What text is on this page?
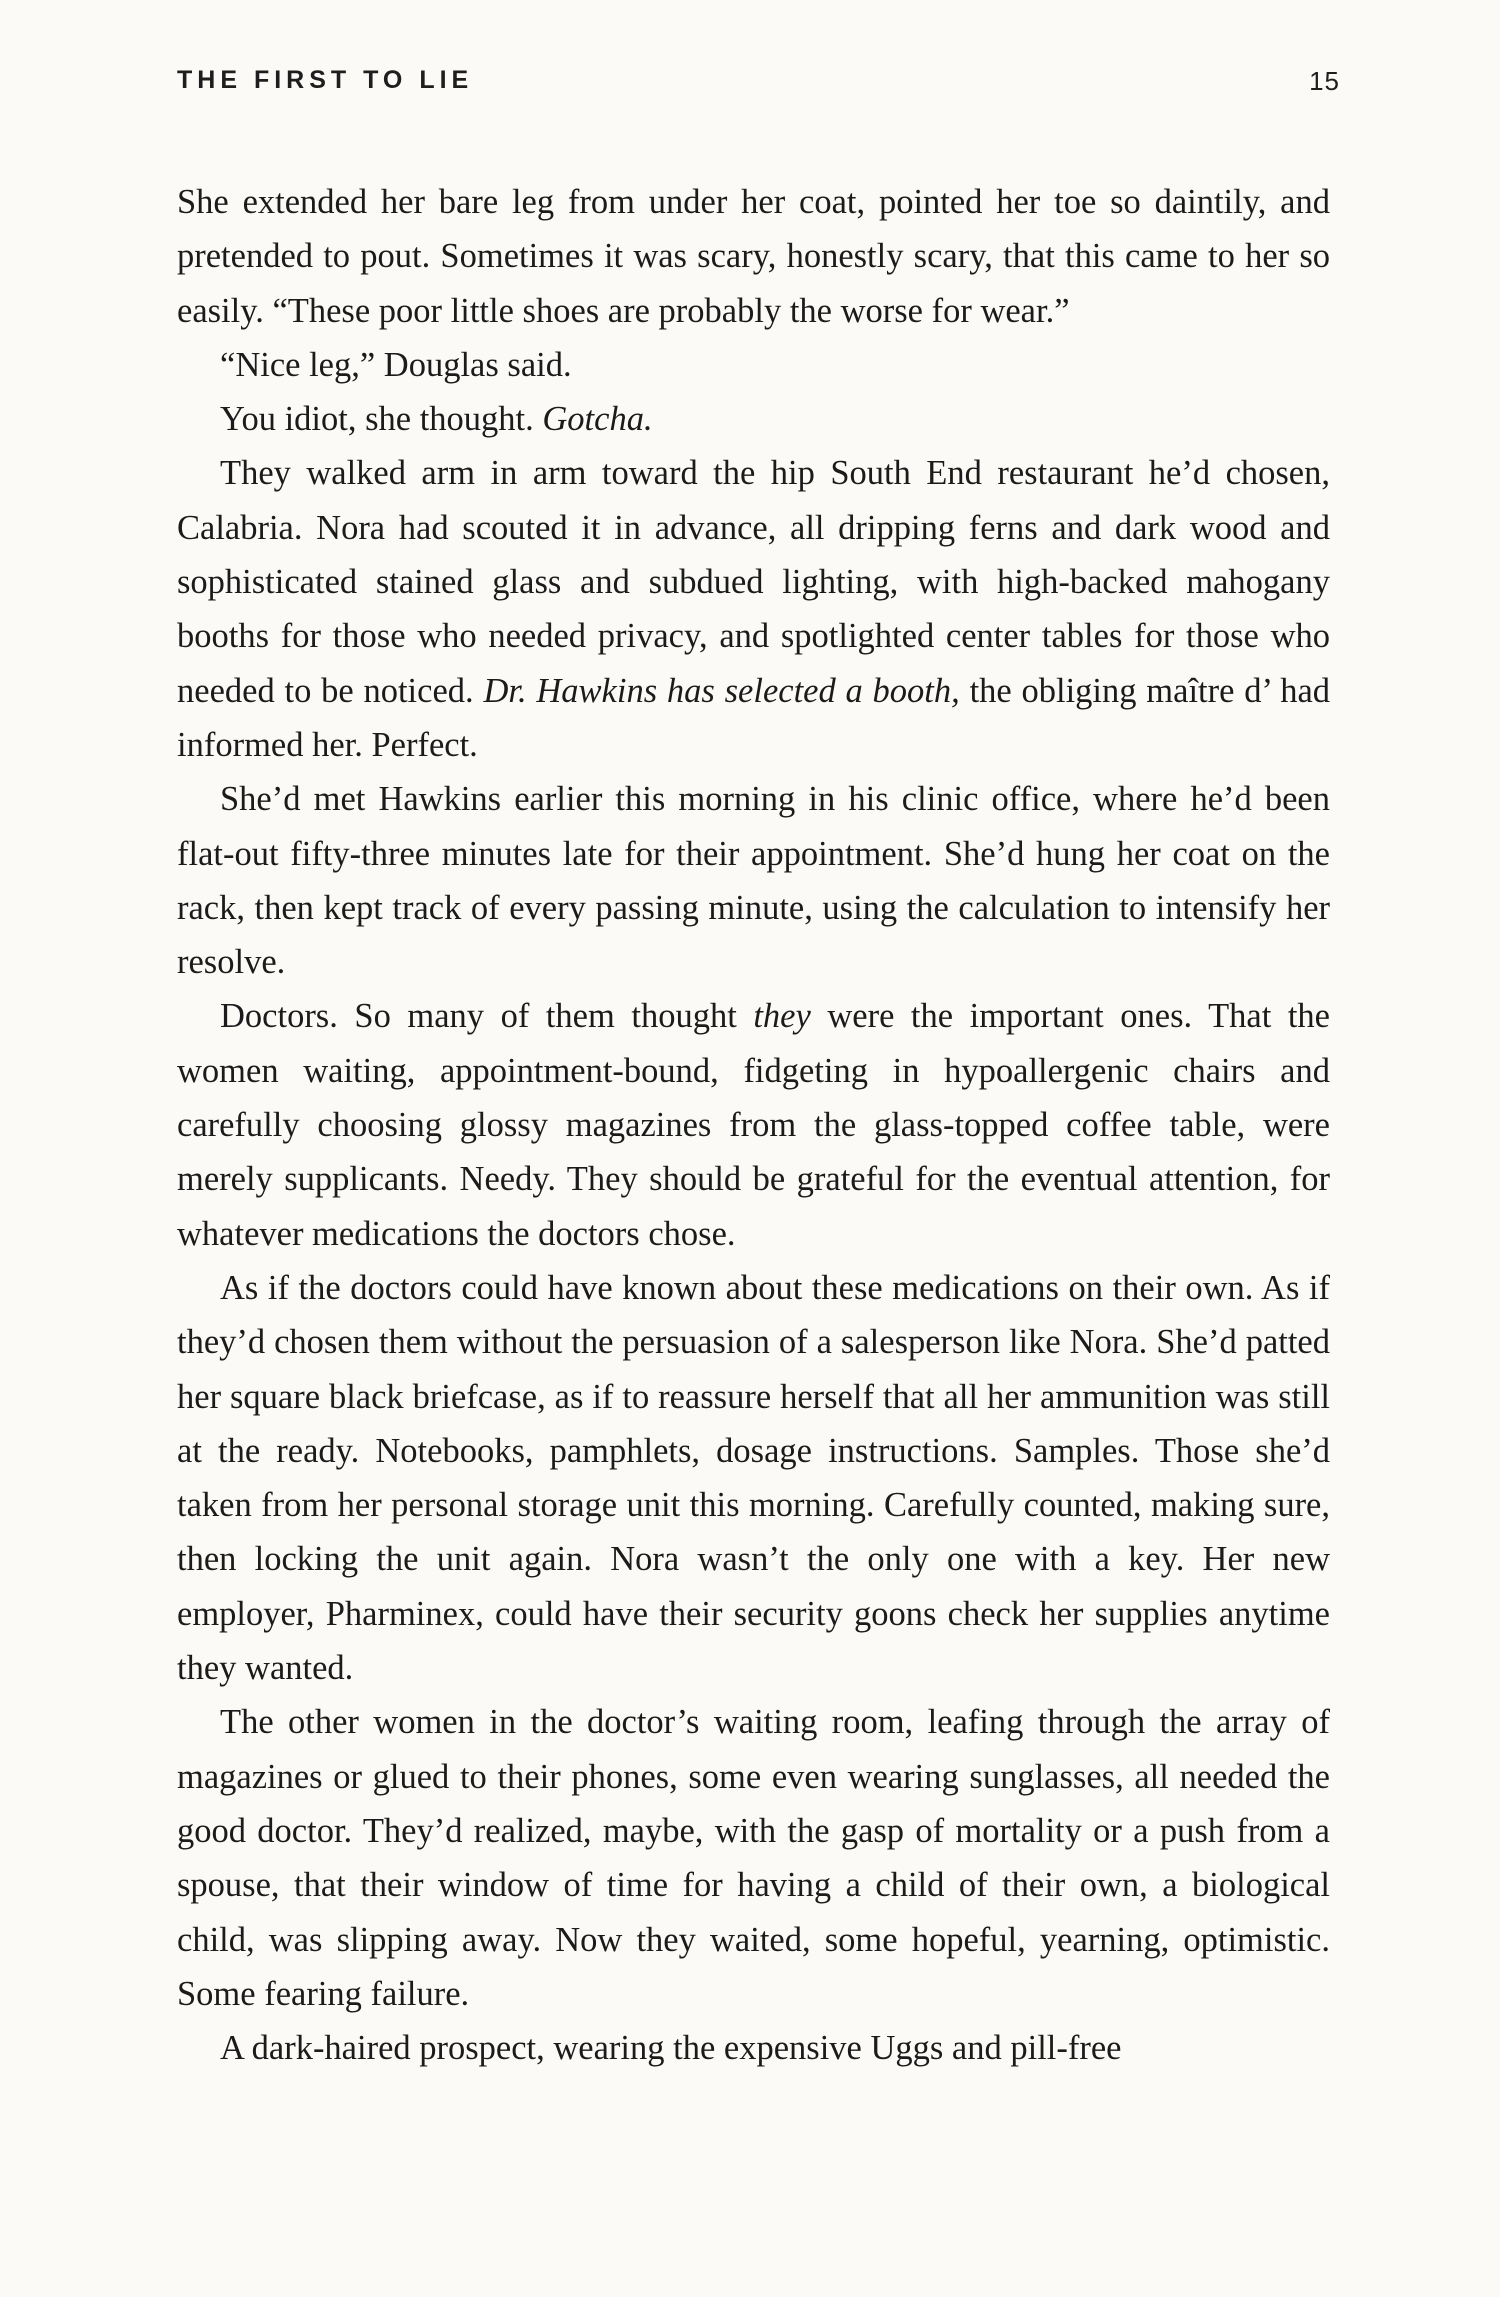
THE FIRST TO LIE	15

She extended her bare leg from under her coat, pointed her toe so daintily, and pretended to pout. Sometimes it was scary, honestly scary, that this came to her so easily. “These poor little shoes are probably the worse for wear.”

“Nice leg,” Douglas said.

You idiot, she thought. Gotcha.

They walked arm in arm toward the hip South End restaurant he’d chosen, Calabria. Nora had scouted it in advance, all dripping ferns and dark wood and sophisticated stained glass and subdued lighting, with high-backed mahogany booths for those who needed privacy, and spotlighted center tables for those who needed to be noticed. Dr. Hawkins has selected a booth, the obliging maître d’ had informed her. Perfect.

She’d met Hawkins earlier this morning in his clinic office, where he’d been flat-out fifty-three minutes late for their appointment. She’d hung her coat on the rack, then kept track of every passing minute, using the calculation to intensify her resolve.

Doctors. So many of them thought they were the important ones. That the women waiting, appointment-bound, fidgeting in hypoallergenic chairs and carefully choosing glossy magazines from the glass-topped coffee table, were merely supplicants. Needy. They should be grateful for the eventual attention, for whatever medications the doctors chose.

As if the doctors could have known about these medications on their own. As if they’d chosen them without the persuasion of a salesperson like Nora. She’d patted her square black briefcase, as if to reassure herself that all her ammunition was still at the ready. Notebooks, pamphlets, dosage instructions. Samples. Those she’d taken from her personal storage unit this morning. Carefully counted, making sure, then locking the unit again. Nora wasn’t the only one with a key. Her new employer, Pharminex, could have their security goons check her supplies anytime they wanted.

The other women in the doctor’s waiting room, leafing through the array of magazines or glued to their phones, some even wearing sunglasses, all needed the good doctor. They’d realized, maybe, with the gasp of mortality or a push from a spouse, that their window of time for having a child of their own, a biological child, was slipping away. Now they waited, some hopeful, yearning, optimistic. Some fearing failure.

A dark-haired prospect, wearing the expensive Uggs and pill-free
